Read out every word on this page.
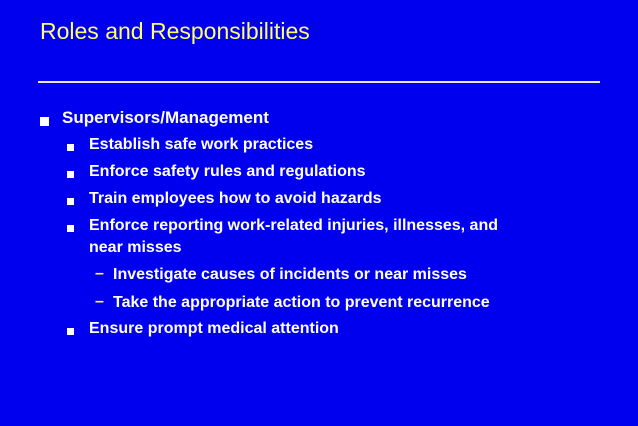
Roles and Responsibilities
Supervisors/Management
Establish safe work practices
Enforce safety rules and regulations
Train employees how to avoid hazards
Enforce reporting work-related injuries, illnesses, and
near misses
– Investigate causes of incidents or near misses
– Take the appropriate action to prevent recurrence
Ensure prompt medical attention
